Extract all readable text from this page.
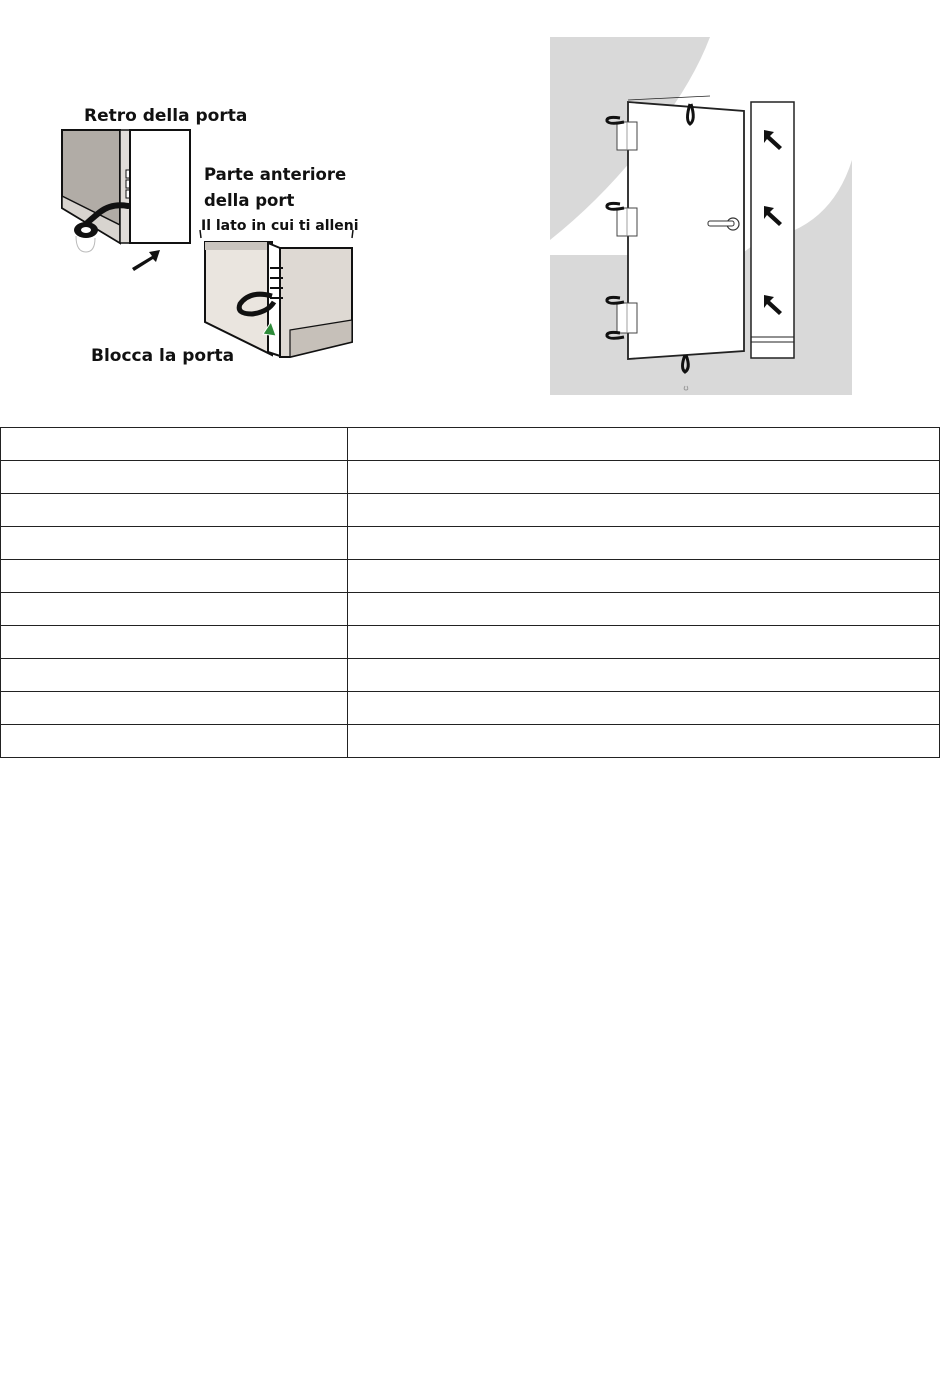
Retro della porta
Parte anteriore
della port
Il lato in cui ti alleni
Blocca la porta
